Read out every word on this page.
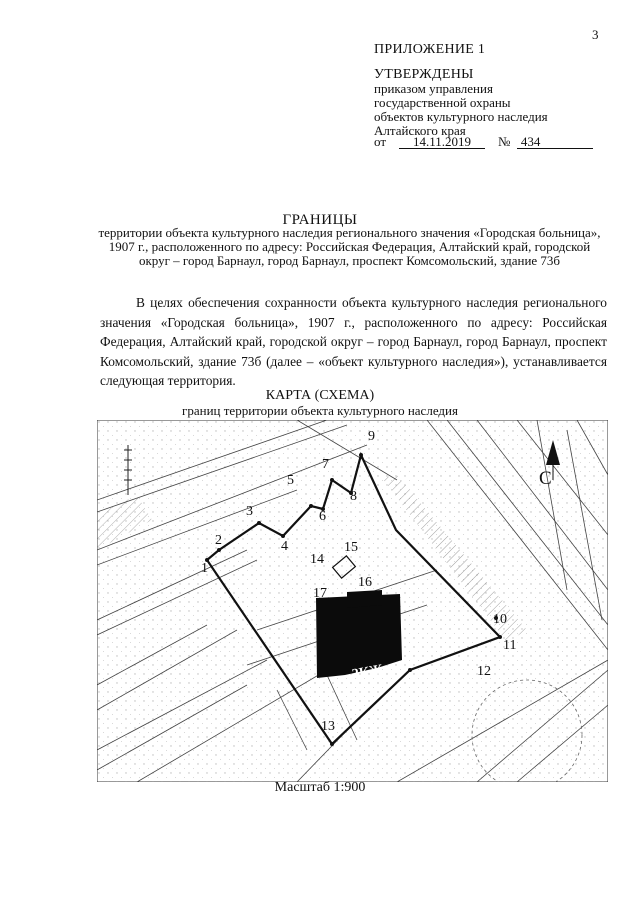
3
ПРИЛОЖЕНИЕ 1
УТВЕРЖДЕНЫ
приказом управления
государственной охраны
объектов культурного наследия
Алтайского края
от 14.11.2019 № 434
ГРАНИЦЫ
территории объекта культурного наследия регионального значения «Городская больница», 1907 г., расположенного по адресу: Российская Федерация, Алтайский край, городской округ – город Барнаул, город Барнаул, проспект Комсомольский, здание 73б
В целях обеспечения сохранности объекта культурного наследия регионального значения «Городская больница», 1907 г., расположенного по адресу: Российская Федерация, Алтайский край, городской округ – город Барнаул, город Барнаул, проспект Комсомольский, здание 73б (далее – «объект культурного наследия»), устанавливается следующая территория.
КАРТА (СХЕМА)
границ территории объекта культурного наследия
С
1
2
3
4
5
6
7
8
9
10
11
12
13
14
15
16
17
2КЖ
Масштаб 1:900
